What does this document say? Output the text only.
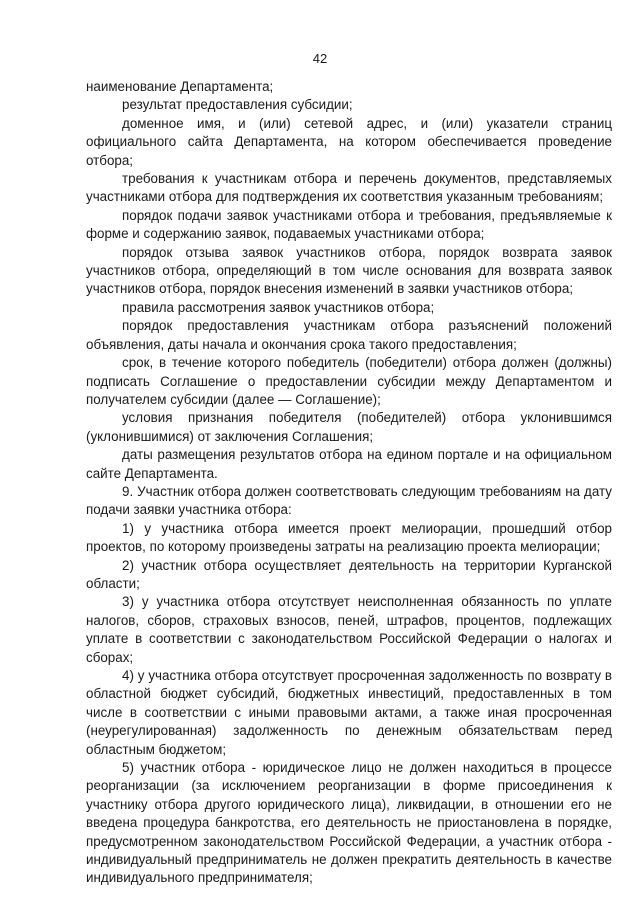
42

наименование Департамента;

результат предоставления субсидии;

доменное имя, и (или) сетевой адрес, и (или) указатели страниц официального сайта Департамента, на котором обеспечивается проведение отбора;

требования к участникам отбора и перечень документов, представляемых участниками отбора для подтверждения их соответствия указанным требованиям;

порядок подачи заявок участниками отбора и требования, предъявляемые к форме и содержанию заявок, подаваемых участниками отбора;

порядок отзыва заявок участников отбора, порядок возврата заявок участников отбора, определяющий в том числе основания для возврата заявок участников отбора, порядок внесения изменений в заявки участников отбора;

правила рассмотрения заявок участников отбора;

порядок предоставления участникам отбора разъяснений положений объявления, даты начала и окончания срока такого предоставления;

срок, в течение которого победитель (победители) отбора должен (должны) подписать Соглашение о предоставлении субсидии между Департаментом и получателем субсидии (далее — Соглашение);

условия признания победителя (победителей) отбора уклонившимся (уклонившимися) от заключения Соглашения;

даты размещения результатов отбора на едином портале и на официальном сайте Департамента.

9. Участник отбора должен соответствовать следующим требованиям на дату подачи заявки участника отбора:

1) у участника отбора имеется проект мелиорации, прошедший отбор проектов, по которому произведены затраты на реализацию проекта мелиорации;

2) участник отбора осуществляет деятельность на территории Курганской области;

3) у участника отбора отсутствует неисполненная обязанность по уплате налогов, сборов, страховых взносов, пеней, штрафов, процентов, подлежащих уплате в соответствии с законодательством Российской Федерации о налогах и сборах;

4) у участника отбора отсутствует просроченная задолженность по возврату в областной бюджет субсидий, бюджетных инвестиций, предоставленных в том числе в соответствии с иными правовыми актами, а также иная просроченная (неурегулированная) задолженность по денежным обязательствам перед областным бюджетом;

5) участник отбора - юридическое лицо не должен находиться в процессе реорганизации (за исключением реорганизации в форме присоединения к участнику отбора другого юридического лица), ликвидации, в отношении его не введена процедура банкротства, его деятельность не приостановлена в порядке, предусмотренном законодательством Российской Федерации, а участник отбора - индивидуальный предприниматель не должен прекратить деятельность в качестве индивидуального предпринимателя;
